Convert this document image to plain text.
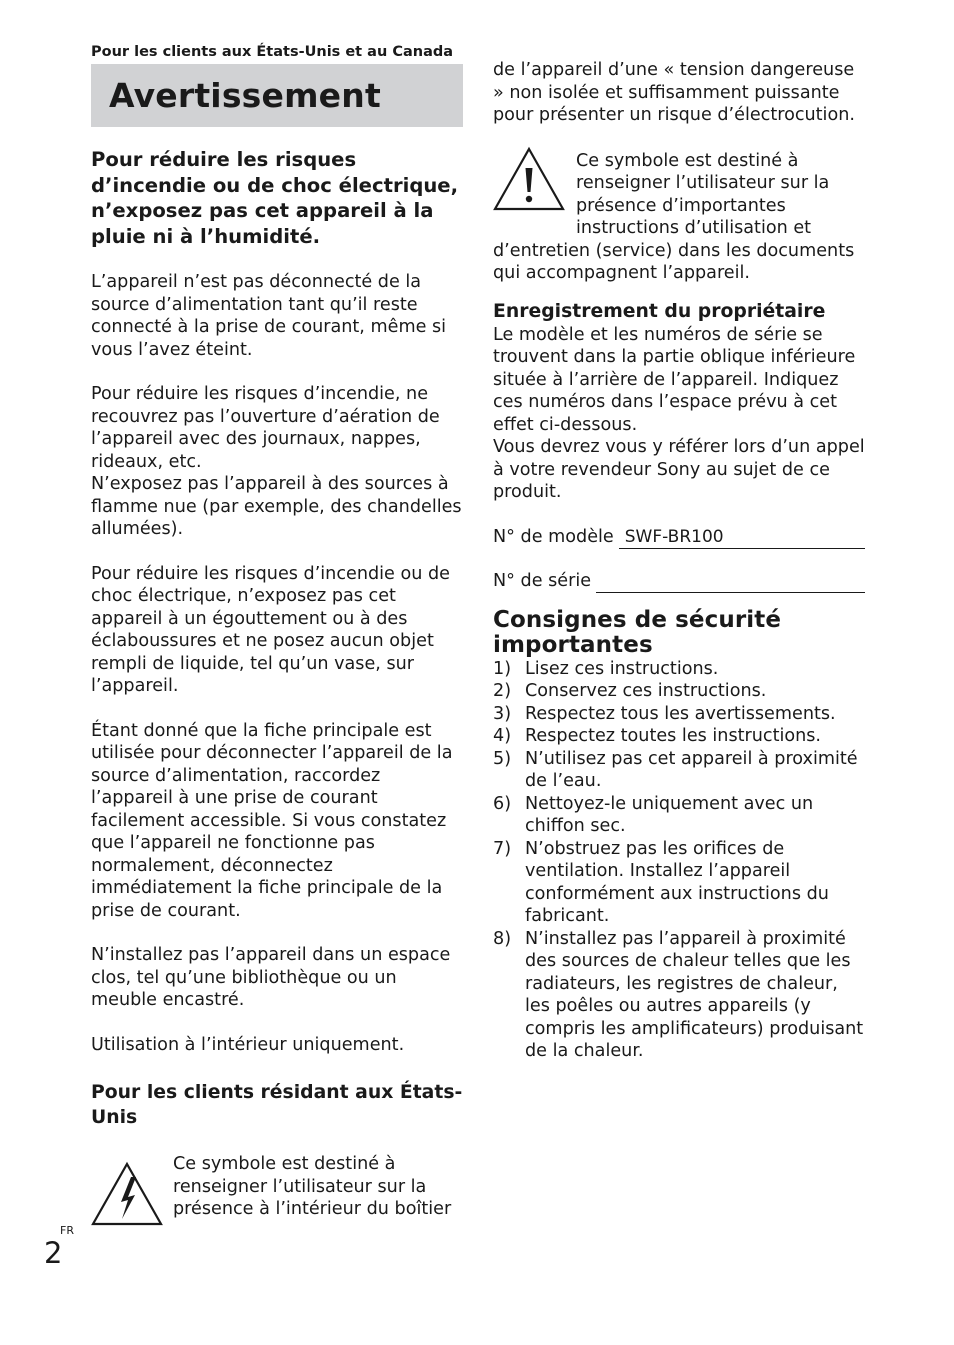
Pour les clients aux États-Unis et au Canada

Avertissement

Pour réduire les risques d’incendie ou de choc électrique, n’exposez pas cet appareil à la pluie ni à l’humidité.

L’appareil n’est pas déconnecté de la source d’alimentation tant qu’il reste connecté à la prise de courant, même si vous l’avez éteint.

Pour réduire les risques d’incendie, ne recouvrez pas l’ouverture d’aération de l’appareil avec des journaux, nappes, rideaux, etc.

N’exposez pas l’appareil à des sources à flamme nue (par exemple, des chandelles allumées).

Pour réduire les risques d’incendie ou de choc électrique, n’exposez pas cet appareil à un égouttement ou à des éclaboussures et ne posez aucun objet rempli de liquide, tel qu’un vase, sur l’appareil.

Étant donné que la fiche principale est utilisée pour déconnecter l’appareil de la source d’alimentation, raccordez l’appareil à une prise de courant facilement accessible. Si vous constatez que l’appareil ne fonctionne pas normalement, déconnectez immédiatement la fiche principale de la prise de courant.

N’installez pas l’appareil dans un espace clos, tel qu’une bibliothèque ou un meuble encastré.

Utilisation à l’intérieur uniquement.

Pour les clients résidant aux États-Unis

Ce symbole est destiné à renseigner l’utilisateur sur la présence à l’intérieur du boîtier

de l’appareil d’une « tension dangereuse » non isolée et suffisamment puissante pour présenter un risque d’électrocution.

Ce symbole est destiné à renseigner l’utilisateur sur la présence d’importantes instructions d’utilisation et

d’entretien (service) dans les documents qui accompagnent l’appareil.

Enregistrement du propriétaire

Le modèle et les numéros de série se trouvent dans la partie oblique inférieure située à l’arrière de l’appareil. Indiquez ces numéros dans l’espace prévu à cet effet ci-dessous.

Vous devrez vous y référer lors d’un appel à votre revendeur Sony au sujet de ce produit.

N° de modèle SWF-BR100
N° de série
Consignes de sécurité importantes
1) Lisez ces instructions.
2) Conservez ces instructions.
3) Respectez tous les avertissements.
4) Respectez toutes les instructions.
5) N’utilisez pas cet appareil à proximité de l’eau.
6) Nettoyez-le uniquement avec un chiffon sec.
7) N’obstruez pas les orifices de ventilation. Installez l’appareil conformément aux instructions du fabricant.
8) N’installez pas l’appareil à proximité des sources de chaleur telles que les radiateurs, les registres de chaleur, les poêles ou autres appareils (y compris les amplificateurs) produisant de la chaleur.
2
FR
